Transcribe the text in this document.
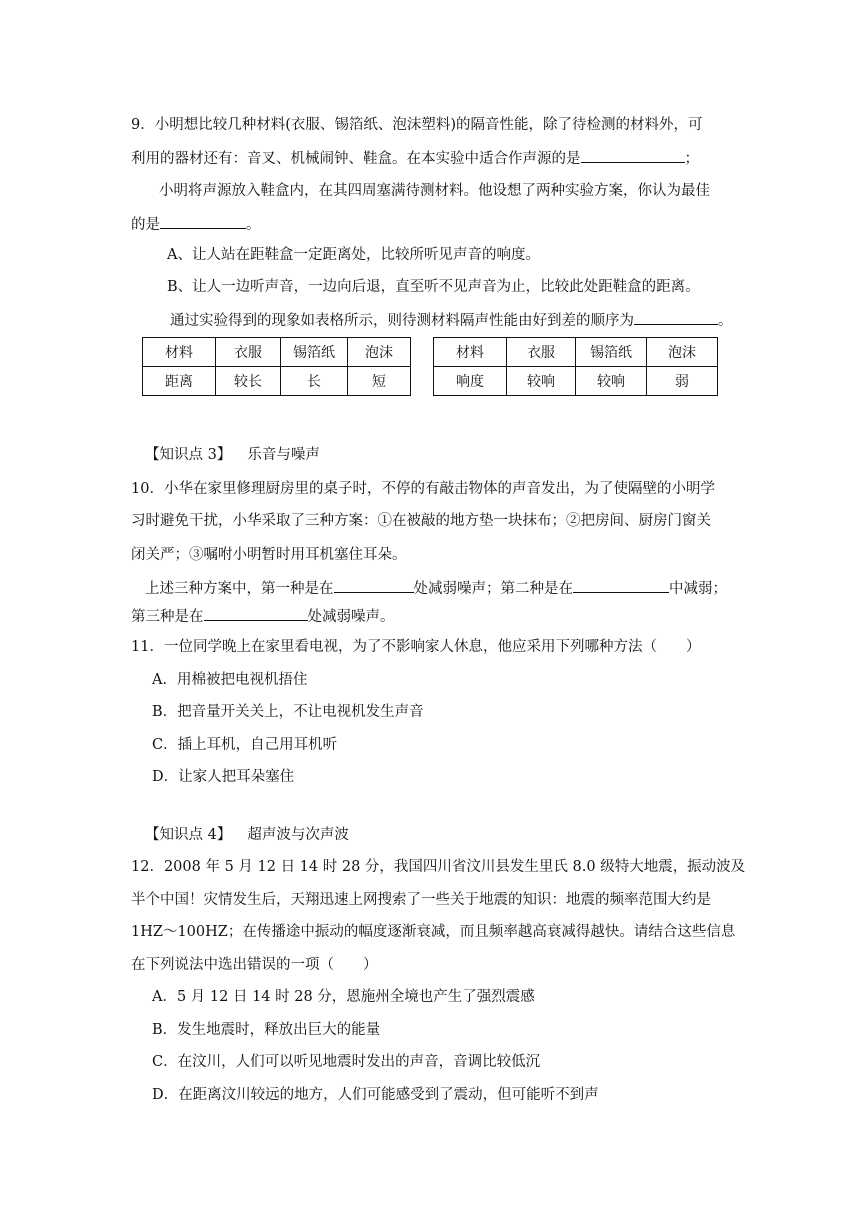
9．小明想比较几种材料(衣服、锡箔纸、泡沫塑料)的隔音性能，除了待检测的材料外，可
利用的器材还有：音叉、机械闹钟、鞋盒。在本实验中适合作声源的是	；
小明将声源放入鞋盒内，在其四周塞满待测材料。他设想了两种实验方案，你认为最佳
的是	。
A、让人站在距鞋盒一定距离处，比较所听见声音的响度。
B、让人一边听声音，一边向后退，直至听不见声音为止，比较此处距鞋盒的距离。
通过实验得到的现象如表格所示，则待测材料隔声性能由好到差的顺序为	。
材料	衣服	锡箔纸	泡沫		材料	衣服	锡箔纸	泡沫
距离	较长	长	短		响度	较响	较响	弱
【知识点 3】 乐音与噪声
10．小华在家里修理厨房里的桌子时，不停的有敲击物体的声音发出，为了使隔壁的小明学
习时避免干扰，小华采取了三种方案：①在被敲的地方垫一块抹布；②把房间、厨房门窗关
闭关严；③嘱咐小明暂时用耳机塞住耳朵。
上述三种方案中，第一种是在	处减弱噪声；第二种是在	中减弱；
第三种是在	处减弱噪声。
11．一位同学晚上在家里看电视，为了不影响家人休息，他应采用下列哪种方法（　　）
A．用棉被把电视机捂住
B．把音量开关关上，不让电视机发生声音
C．插上耳机，自己用耳机听
D．让家人把耳朵塞住
【知识点 4】 超声波与次声波
12．2008 年 5 月 12 日 14 时 28 分，我国四川省汶川县发生里氏 8.0 级特大地震，振动波及
半个中国！灾情发生后，天翔迅速上网搜索了一些关于地震的知识：地震的频率范围大约是
1HZ～100HZ；在传播途中振动的幅度逐渐衰减，而且频率越高衰减得越快。请结合这些信息
在下列说法中选出错误的一项（　　）
A．5 月 12 日 14 时 28 分，恩施州全境也产生了强烈震感
B．发生地震时，释放出巨大的能量
C．在汶川，人们可以听见地震时发出的声音，音调比较低沉
D．在距离汶川较远的地方，人们可能感受到了震动，但可能听不到声
